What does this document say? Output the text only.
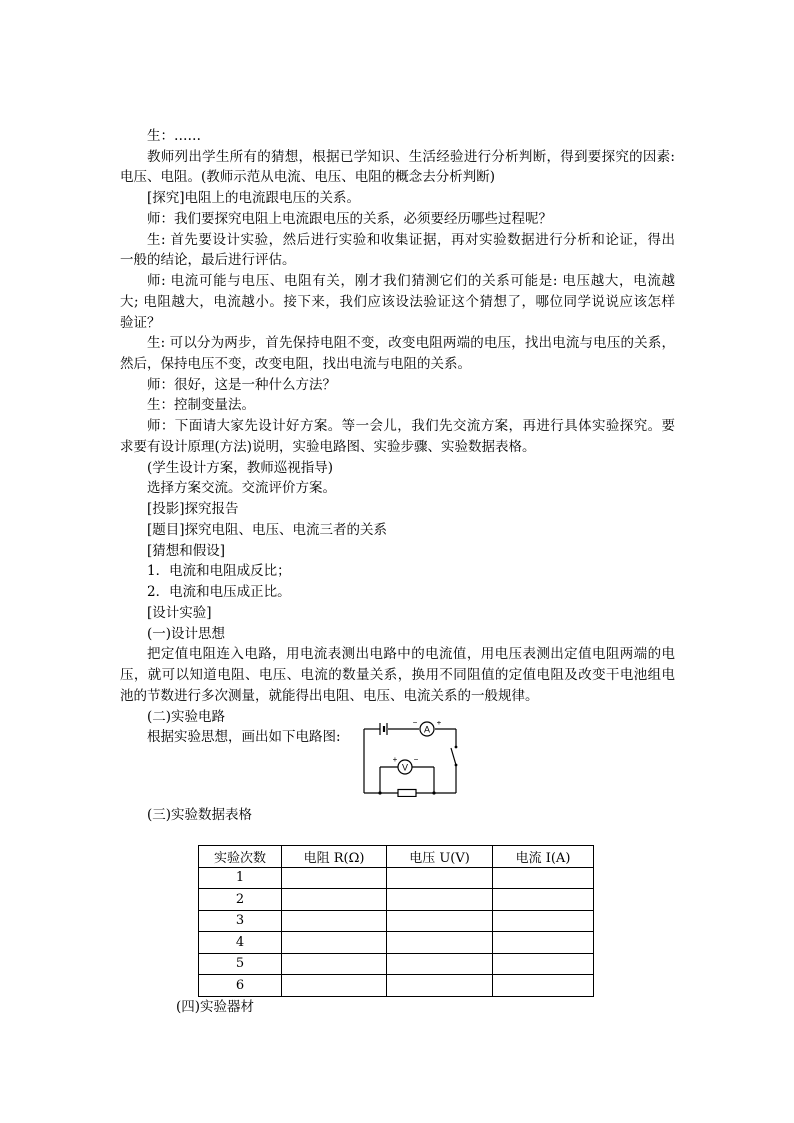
生：……
教师列出学生所有的猜想，根据已学知识、生活经验进行分析判断，得到要探究的因素:
电压、电阻。(教师示范从电流、电压、电阻的概念去分析判断)
[探究]电阻上的电流跟电压的关系。
师：我们要探究电阻上电流跟电压的关系，必须要经历哪些过程呢？
生: 首先要设计实验，然后进行实验和收集证据，再对实验数据进行分析和论证，得出
一般的结论，最后进行评估。
师: 电流可能与电压、电阻有关，刚才我们猜测它们的关系可能是: 电压越大，电流越
大; 电阻越大，电流越小。接下来，我们应该设法验证这个猜想了，哪位同学说说应该怎样
验证？
生: 可以分为两步，首先保持电阻不变，改变电阻两端的电压，找出电流与电压的关系，
然后，保持电压不变，改变电阻，找出电流与电阻的关系。
师：很好，这是一种什么方法？
生：控制变量法。
师：下面请大家先设计好方案。等一会儿，我们先交流方案，再进行具体实验探究。要
求要有设计原理(方法)说明，实验电路图、实验步骤、实验数据表格。
(学生设计方案，教师巡视指导)
选择方案交流。交流评价方案。
[投影]探究报告
[题目]探究电阻、电压、电流三者的关系
[猜想和假设]
1．电流和电阻成反比；
2．电流和电压成正比。
[设计实验]
(一)设计思想
把定值电阻连入电路，用电流表测出电路中的电流值，用电压表测出定值电阻两端的电
压，就可以知道电阻、电压、电流的数量关系，换用不同阻值的定值电阻及改变干电池组电
池的节数进行多次测量，就能得出电阻、电压、电流关系的一般规律。
(二)实验电路
根据实验思想，画出如下电路图:	A
− +
V
+ −
(三)实验数据表格
实验次数	电阻 R(Ω)	电压 U(V)	电流 I(A)
1			
2			
3			
4			
5			
6			
(四)实验器材
